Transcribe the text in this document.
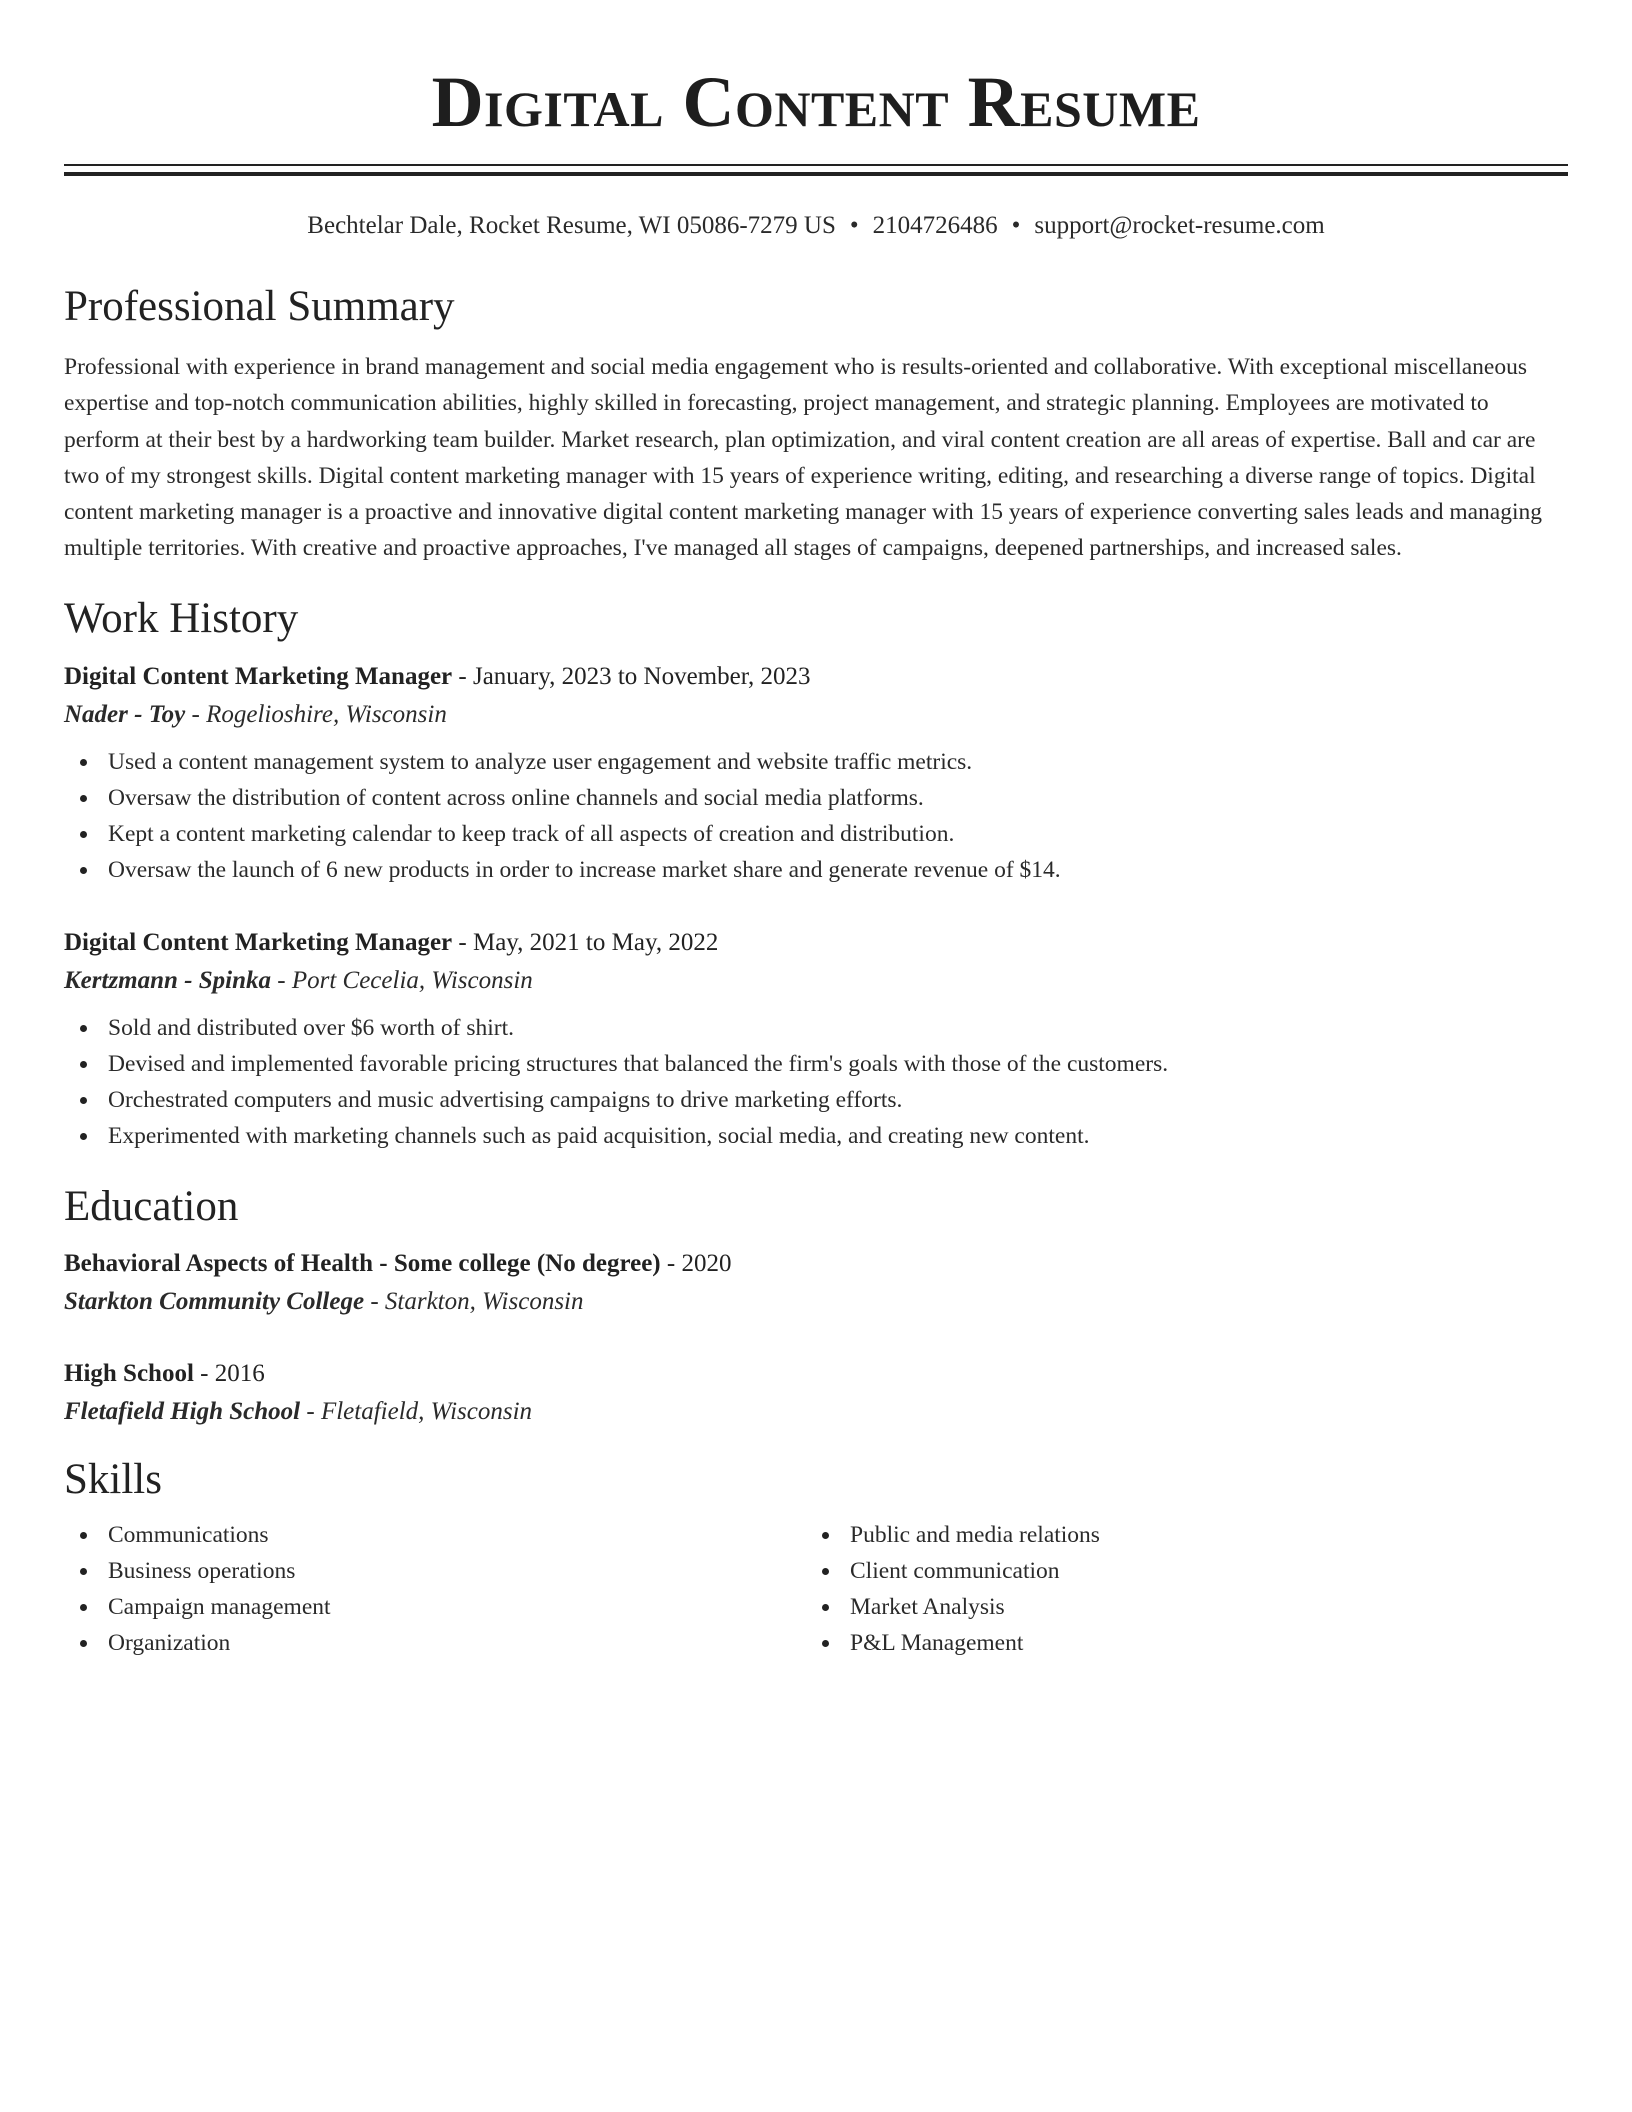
Digital Content Resume
Bechtelar Dale, Rocket Resume, WI 05086-7279 US • 2104726486 • support@rocket-resume.com
Professional Summary
Professional with experience in brand management and social media engagement who is results-oriented and collaborative. With exceptional miscellaneous expertise and top-notch communication abilities, highly skilled in forecasting, project management, and strategic planning. Employees are motivated to perform at their best by a hardworking team builder. Market research, plan optimization, and viral content creation are all areas of expertise. Ball and car are two of my strongest skills. Digital content marketing manager with 15 years of experience writing, editing, and researching a diverse range of topics. Digital content marketing manager is a proactive and innovative digital content marketing manager with 15 years of experience converting sales leads and managing multiple territories. With creative and proactive approaches, I've managed all stages of campaigns, deepened partnerships, and increased sales.
Work History
Digital Content Marketing Manager - January, 2023 to November, 2023
Nader - Toy - Rogelioshire, Wisconsin
Used a content management system to analyze user engagement and website traffic metrics.
Oversaw the distribution of content across online channels and social media platforms.
Kept a content marketing calendar to keep track of all aspects of creation and distribution.
Oversaw the launch of 6 new products in order to increase market share and generate revenue of $14.
Digital Content Marketing Manager - May, 2021 to May, 2022
Kertzmann - Spinka - Port Cecelia, Wisconsin
Sold and distributed over $6 worth of shirt.
Devised and implemented favorable pricing structures that balanced the firm's goals with those of the customers.
Orchestrated computers and music advertising campaigns to drive marketing efforts.
Experimented with marketing channels such as paid acquisition, social media, and creating new content.
Education
Behavioral Aspects of Health - Some college (No degree) - 2020
Starkton Community College - Starkton, Wisconsin
High School - 2016
Fletafield High School - Fletafield, Wisconsin
Skills
Communications
Business operations
Campaign management
Organization
Public and media relations
Client communication
Market Analysis
P&L Management
